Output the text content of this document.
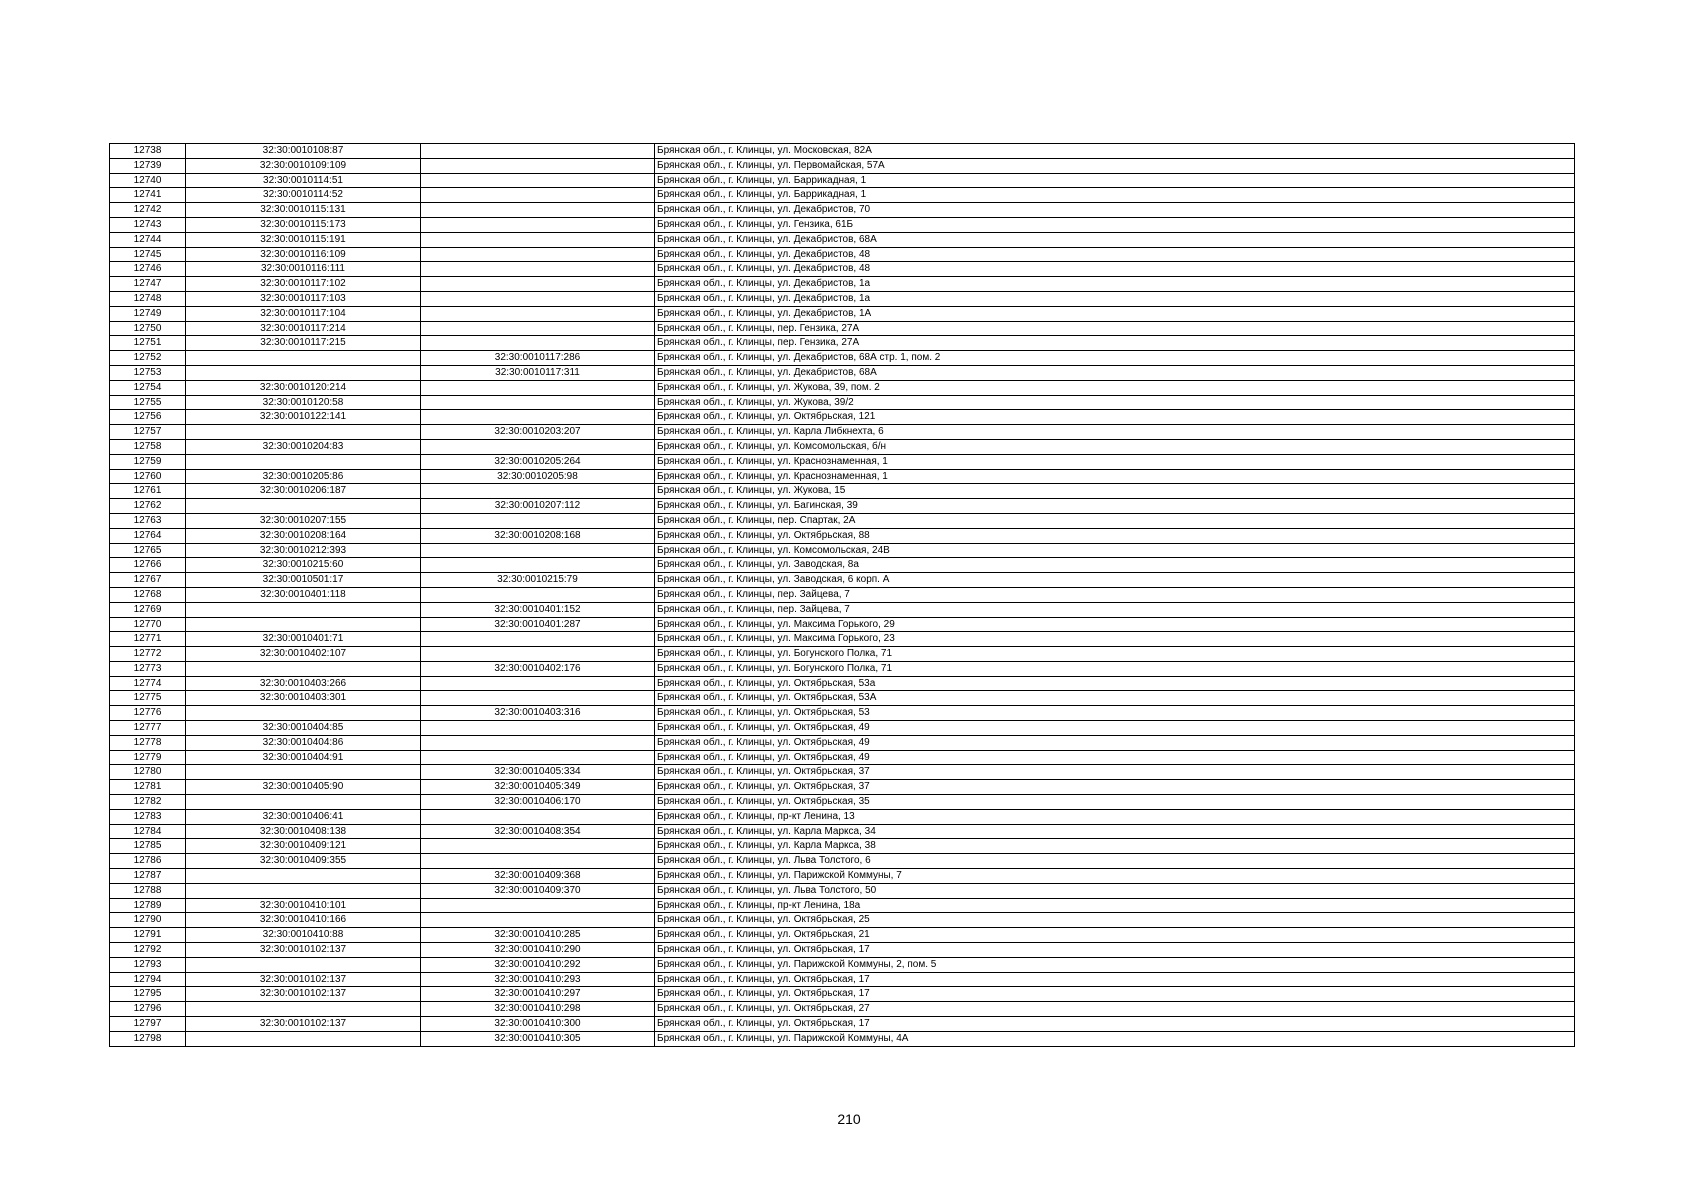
12738	32:30:0010108:87		Брянская обл., г. Клинцы, ул. Московская, 82А
12739	32:30:0010109:109		Брянская обл., г. Клинцы, ул. Первомайская, 57А
12740	32:30:0010114:51		Брянская обл., г. Клинцы, ул. Баррикадная, 1
12741	32:30:0010114:52		Брянская обл., г. Клинцы, ул. Баррикадная, 1
12742	32:30:0010115:131		Брянская обл., г. Клинцы, ул. Декабристов, 70
12743	32:30:0010115:173		Брянская обл., г. Клинцы, ул. Гензика, 61Б
12744	32:30:0010115:191		Брянская обл., г. Клинцы, ул. Декабристов, 68А
12745	32:30:0010116:109		Брянская обл., г. Клинцы, ул. Декабристов, 48
12746	32:30:0010116:111		Брянская обл., г. Клинцы, ул. Декабристов, 48
12747	32:30:0010117:102		Брянская обл., г. Клинцы, ул. Декабристов, 1а
12748	32:30:0010117:103		Брянская обл., г. Клинцы, ул. Декабристов, 1а
12749	32:30:0010117:104		Брянская обл., г. Клинцы, ул. Декабристов, 1А
12750	32:30:0010117:214		Брянская обл., г. Клинцы, пер. Гензика, 27А
12751	32:30:0010117:215		Брянская обл., г. Клинцы, пер. Гензика, 27А
12752		32:30:0010117:286	Брянская обл., г. Клинцы, ул. Декабристов, 68А стр. 1, пом. 2
12753		32:30:0010117:311	Брянская обл., г. Клинцы, ул. Декабристов, 68А
12754	32:30:0010120:214		Брянская обл., г. Клинцы, ул. Жукова, 39, пом. 2
12755	32:30:0010120:58		Брянская обл., г. Клинцы, ул. Жукова, 39/2
12756	32:30:0010122:141		Брянская обл., г. Клинцы, ул. Октябрьская, 121
12757		32:30:0010203:207	Брянская обл., г. Клинцы, ул. Карла Либкнехта, 6
12758	32:30:0010204:83		Брянская обл., г. Клинцы, ул. Комсомольская, б/н
12759		32:30:0010205:264	Брянская обл., г. Клинцы, ул. Краснознаменная, 1
12760	32:30:0010205:86	32:30:0010205:98	Брянская обл., г. Клинцы, ул. Краснознаменная, 1
12761	32:30:0010206:187		Брянская обл., г. Клинцы, ул. Жукова, 15
12762		32:30:0010207:112	Брянская обл., г. Клинцы, ул. Багинская, 39
12763	32:30:0010207:155		Брянская обл., г. Клинцы, пер. Спартак, 2А
12764	32:30:0010208:164	32:30:0010208:168	Брянская обл., г. Клинцы, ул. Октябрьская, 88
12765	32:30:0010212:393		Брянская обл., г. Клинцы, ул. Комсомольская, 24В
12766	32:30:0010215:60		Брянская обл., г. Клинцы, ул. Заводская, 8а
12767	32:30:0010501:17	32:30:0010215:79	Брянская обл., г. Клинцы, ул. Заводская, 6 корп. А
12768	32:30:0010401:118		Брянская обл., г. Клинцы, пер. Зайцева, 7
12769		32:30:0010401:152	Брянская обл., г. Клинцы, пер. Зайцева, 7
12770		32:30:0010401:287	Брянская обл., г. Клинцы, ул. Максима Горького, 29
12771	32:30:0010401:71		Брянская обл., г. Клинцы, ул. Максима Горького, 23
12772	32:30:0010402:107		Брянская обл., г. Клинцы, ул. Богунского Полка, 71
12773		32:30:0010402:176	Брянская обл., г. Клинцы, ул. Богунского Полка, 71
12774	32:30:0010403:266		Брянская обл., г. Клинцы, ул. Октябрьская, 53а
12775	32:30:0010403:301		Брянская обл., г. Клинцы, ул. Октябрьская, 53А
12776		32:30:0010403:316	Брянская обл., г. Клинцы, ул. Октябрьская, 53
12777	32:30:0010404:85		Брянская обл., г. Клинцы, ул. Октябрьская, 49
12778	32:30:0010404:86		Брянская обл., г. Клинцы, ул. Октябрьская, 49
12779	32:30:0010404:91		Брянская обл., г. Клинцы, ул. Октябрьская, 49
12780		32:30:0010405:334	Брянская обл., г. Клинцы, ул. Октябрьская, 37
12781	32:30:0010405:90	32:30:0010405:349	Брянская обл., г. Клинцы, ул. Октябрьская, 37
12782		32:30:0010406:170	Брянская обл., г. Клинцы, ул. Октябрьская, 35
12783	32:30:0010406:41		Брянская обл., г. Клинцы, пр-кт Ленина, 13
12784	32:30:0010408:138	32:30:0010408:354	Брянская обл., г. Клинцы, ул. Карла Маркса, 34
12785	32:30:0010409:121		Брянская обл., г. Клинцы, ул. Карла Маркса, 38
12786	32:30:0010409:355		Брянская обл., г. Клинцы, ул. Льва Толстого, 6
12787		32:30:0010409:368	Брянская обл., г. Клинцы, ул. Парижской Коммуны, 7
12788		32:30:0010409:370	Брянская обл., г. Клинцы, ул. Льва Толстого, 50
12789	32:30:0010410:101		Брянская обл., г. Клинцы, пр-кт Ленина, 18а
12790	32:30:0010410:166		Брянская обл., г. Клинцы, ул. Октябрьская, 25
12791	32:30:0010410:88	32:30:0010410:285	Брянская обл., г. Клинцы, ул. Октябрьская, 21
12792	32:30:0010102:137	32:30:0010410:290	Брянская обл., г. Клинцы, ул. Октябрьская, 17
12793		32:30:0010410:292	Брянская обл., г. Клинцы, ул. Парижской Коммуны, 2, пом. 5
12794	32:30:0010102:137	32:30:0010410:293	Брянская обл., г. Клинцы, ул. Октябрьская, 17
12795	32:30:0010102:137	32:30:0010410:297	Брянская обл., г. Клинцы, ул. Октябрьская, 17
12796		32:30:0010410:298	Брянская обл., г. Клинцы, ул. Октябрьская, 27
12797	32:30:0010102:137	32:30:0010410:300	Брянская обл., г. Клинцы, ул. Октябрьская, 17
12798		32:30:0010410:305	Брянская обл., г. Клинцы, ул. Парижской Коммуны, 4А
210
